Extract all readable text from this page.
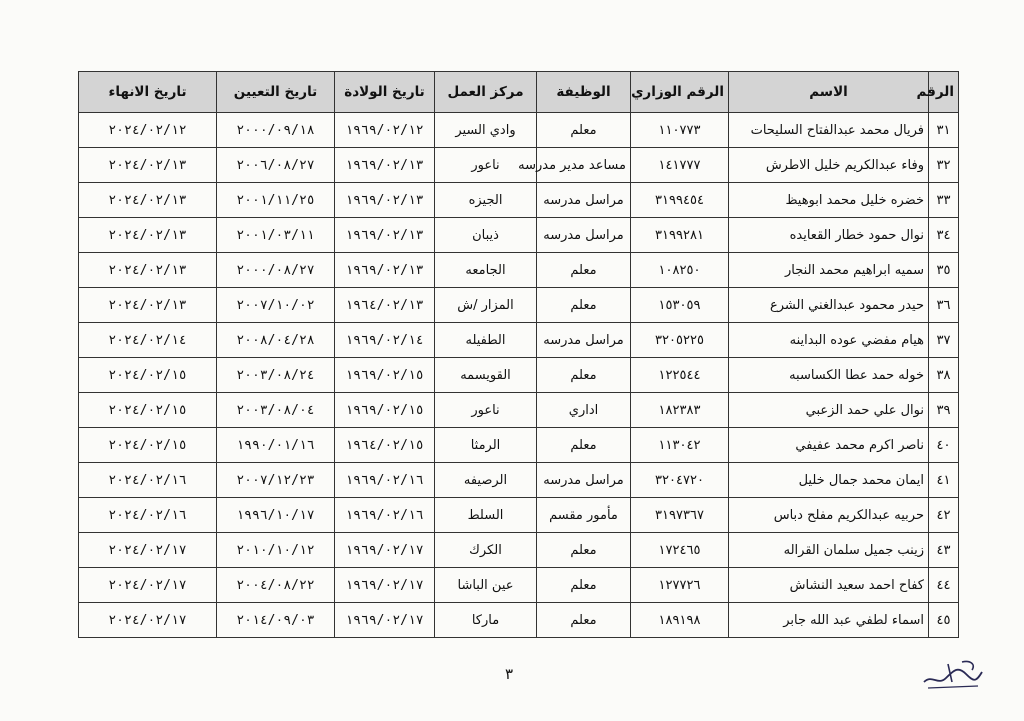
الرقم	الاسم	الرقم الوزاري	الوظيفة	مركز العمل	تاريخ الولادة	تاريخ التعيين	تاريخ الانهاء
٣١	فريال محمد عبدالفتاح السليحات	١١٠٧٧٣	معلم	وادي السير	١٩٦٩/٠٢/١٢	٢٠٠٠/٠٩/١٨	٢٠٢٤/٠٢/١٢
٣٢	وفاء عبدالكريم خليل الاطرش	١٤١٧٧٧	مساعد مدير مدرسه	ناعور	١٩٦٩/٠٢/١٣	٢٠٠٦/٠٨/٢٧	٢٠٢٤/٠٢/١٣
٣٣	خضره خليل محمد ابوهيظ	٣١٩٩٤٥٤	مراسل مدرسه	الجيزه	١٩٦٩/٠٢/١٣	٢٠٠١/١١/٢٥	٢٠٢٤/٠٢/١٣
٣٤	نوال حمود خطار القعايده	٣١٩٩٢٨١	مراسل مدرسه	ذيبان	١٩٦٩/٠٢/١٣	٢٠٠١/٠٣/١١	٢٠٢٤/٠٢/١٣
٣٥	سميه ابراهيم محمد النجار	١٠٨٢٥٠	معلم	الجامعه	١٩٦٩/٠٢/١٣	٢٠٠٠/٠٨/٢٧	٢٠٢٤/٠٢/١٣
٣٦	حيدر محمود عبدالغني الشرع	١٥٣٠٥٩	معلم	المزار /ش	١٩٦٤/٠٢/١٣	٢٠٠٧/١٠/٠٢	٢٠٢٤/٠٢/١٣
٣٧	هيام مفضي عوده البداينه	٣٢٠٥٢٢٥	مراسل مدرسه	الطفيله	١٩٦٩/٠٢/١٤	٢٠٠٨/٠٤/٢٨	٢٠٢٤/٠٢/١٤
٣٨	خوله حمد عطا الكساسبه	١٢٢٥٤٤	معلم	القويسمه	١٩٦٩/٠٢/١٥	٢٠٠٣/٠٨/٢٤	٢٠٢٤/٠٢/١٥
٣٩	نوال علي حمد الزعبي	١٨٢٣٨٣	اداري	ناعور	١٩٦٩/٠٢/١٥	٢٠٠٣/٠٨/٠٤	٢٠٢٤/٠٢/١٥
٤٠	ناصر اكرم محمد عفيفي	١١٣٠٤٢	معلم	الرمثا	١٩٦٤/٠٢/١٥	١٩٩٠/٠١/١٦	٢٠٢٤/٠٢/١٥
٤١	ايمان محمد جمال خليل	٣٢٠٤٧٢٠	مراسل مدرسه	الرصيفه	١٩٦٩/٠٢/١٦	٢٠٠٧/١٢/٢٣	٢٠٢٤/٠٢/١٦
٤٢	حربيه عبدالكريم مفلح دباس	٣١٩٧٣٦٧	مأمور مقسم	السلط	١٩٦٩/٠٢/١٦	١٩٩٦/١٠/١٧	٢٠٢٤/٠٢/١٦
٤٣	زينب جميل سلمان القراله	١٧٢٤٦٥	معلم	الكرك	١٩٦٩/٠٢/١٧	٢٠١٠/١٠/١٢	٢٠٢٤/٠٢/١٧
٤٤	كفاح احمد سعيد النشاش	١٢٧٧٢٦	معلم	عين الباشا	١٩٦٩/٠٢/١٧	٢٠٠٤/٠٨/٢٢	٢٠٢٤/٠٢/١٧
٤٥	اسماء لطفي عبد الله جابر	١٨٩١٩٨	معلم	ماركا	١٩٦٩/٠٢/١٧	٢٠١٤/٠٩/٠٣	٢٠٢٤/٠٢/١٧
٣
